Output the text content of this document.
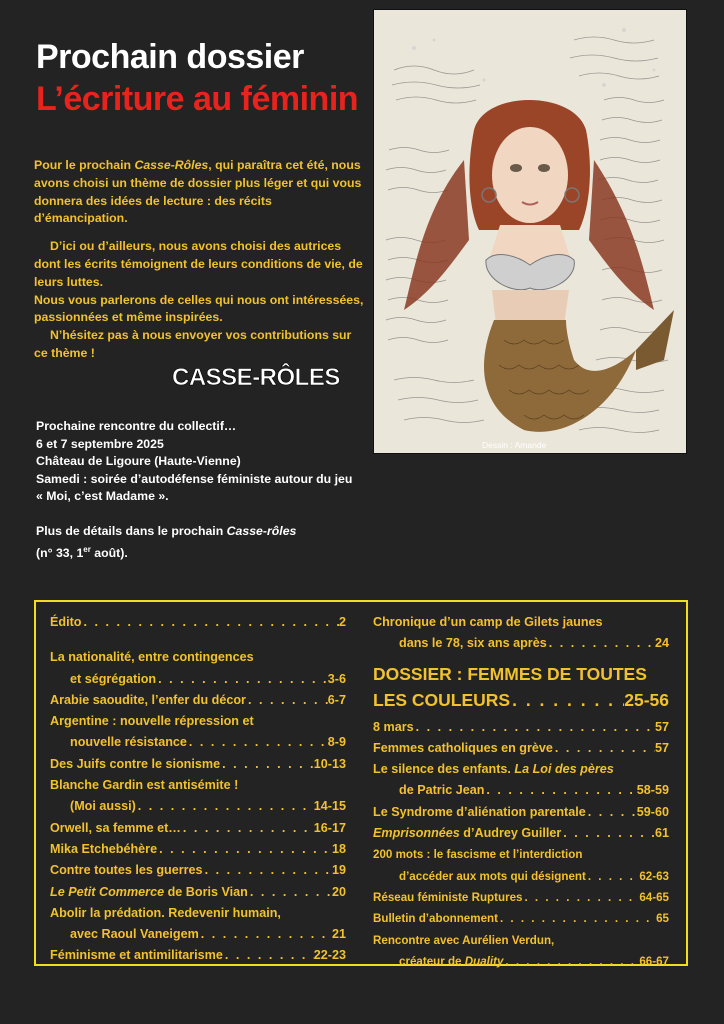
Prochain dossier
L’écriture au féminin

Pour le prochain Casse-Rôles, qui paraîtra cet été, nous avons choisi un thème de dossier plus léger et qui vous donnera des idées de lecture : des récits d’émancipation.

D’ici ou d’ailleurs, nous avons choisi des autrices dont les écrits témoignent de leurs conditions de vie, de leurs luttes.

Nous vous parlerons de celles qui nous ont intéressées, passionnées et même inspirées.

N’hésitez pas à nous envoyer vos contributions sur ce thème !

CASSE-RÔLES
Prochaine rencontre du collectif…
6 et 7 septembre 2025
Château de Ligoure (Haute-Vienne)
Samedi : soirée d’autodéfense féministe autour du jeu
« Moi, c’est Madame ».
Plus de détails dans le prochain Casse-rôles
(n° 33, 1er août).
Dessin : Amande
Édito . . .	2
La nationalité, entre contingences
et ségrégation . . .	3-6
Arabie saoudite, l’enfer du décor . . .	6-7
Argentine : nouvelle répression et
nouvelle résistance . . .	8-9
Des Juifs contre le sionisme . . .	10-13
Blanche Gardin est antisémite !
(Moi aussi) . . .	14-15
Orwell, sa femme et… . . .	16-17
Mika Etchebéhère . . .	18
Contre toutes les guerres . . .	19
Le Petit Commerce de Boris Vian . . .	20
Abolir la prédation. Redevenir humain,
avec Raoul Vaneigem . . .	21
Féminisme et antimilitarisme . . .	22-23
Chronique d’un camp de Gilets jaunes
dans le 78, six ans après . . .	24
DOSSIER : FEMMES DE TOUTES
LES COULEURS . . .	25-56
8 mars . . .	57
Femmes catholiques en grève . . .	57
Le silence des enfants. La Loi des pères
de Patric Jean . . .	58-59
Le Syndrome d’aliénation parentale . . .	59-60
Emprisonnées d’Audrey Guiller . . .	61
200 mots : le fascisme et l’interdiction
d’accéder aux mots qui désignent . . .	62-63
Réseau féministe Ruptures . . .	64-65
Bulletin d’abonnement . . .	65
Rencontre avec Aurélien Verdun,
créateur de Duality . . .	66-67
